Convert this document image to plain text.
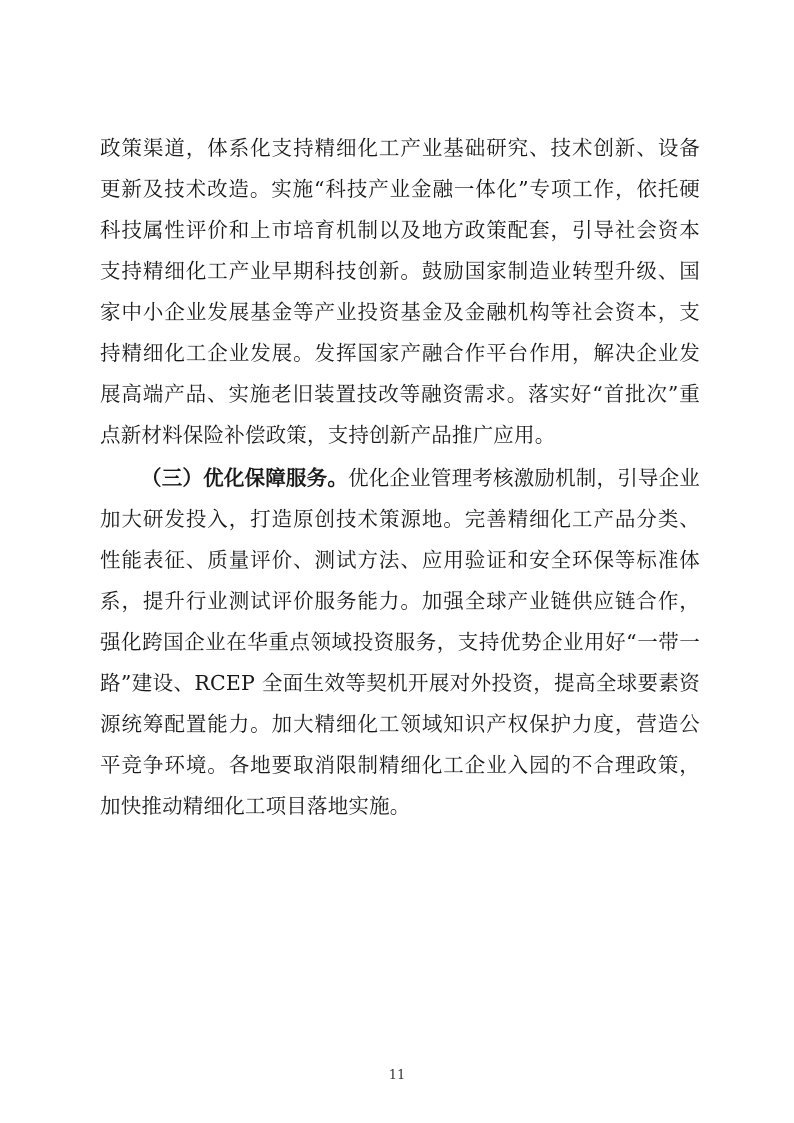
政策渠道，体系化支持精细化工产业基础研究、技术创新、设备更新及技术改造。实施“科技产业金融一体化”专项工作，依托硬科技属性评价和上市培育机制以及地方政策配套，引导社会资本支持精细化工产业早期科技创新。鼓励国家制造业转型升级、国家中小企业发展基金等产业投资基金及金融机构等社会资本，支持精细化工企业发展。发挥国家产融合作平台作用，解决企业发展高端产品、实施老旧装置技改等融资需求。落实好“首批次”重点新材料保险补偿政策，支持创新产品推广应用。

（三）优化保障服务。优化企业管理考核激励机制，引导企业加大研发投入，打造原创技术策源地。完善精细化工产品分类、性能表征、质量评价、测试方法、应用验证和安全环保等标准体系，提升行业测试评价服务能力。加强全球产业链供应链合作，强化跨国企业在华重点领域投资服务，支持优势企业用好“一带一路”建设、RCEP 全面生效等契机开展对外投资，提高全球要素资源统筹配置能力。加大精细化工领域知识产权保护力度，营造公平竞争环境。各地要取消限制精细化工企业入园的不合理政策，加快推动精细化工项目落地实施。

11
